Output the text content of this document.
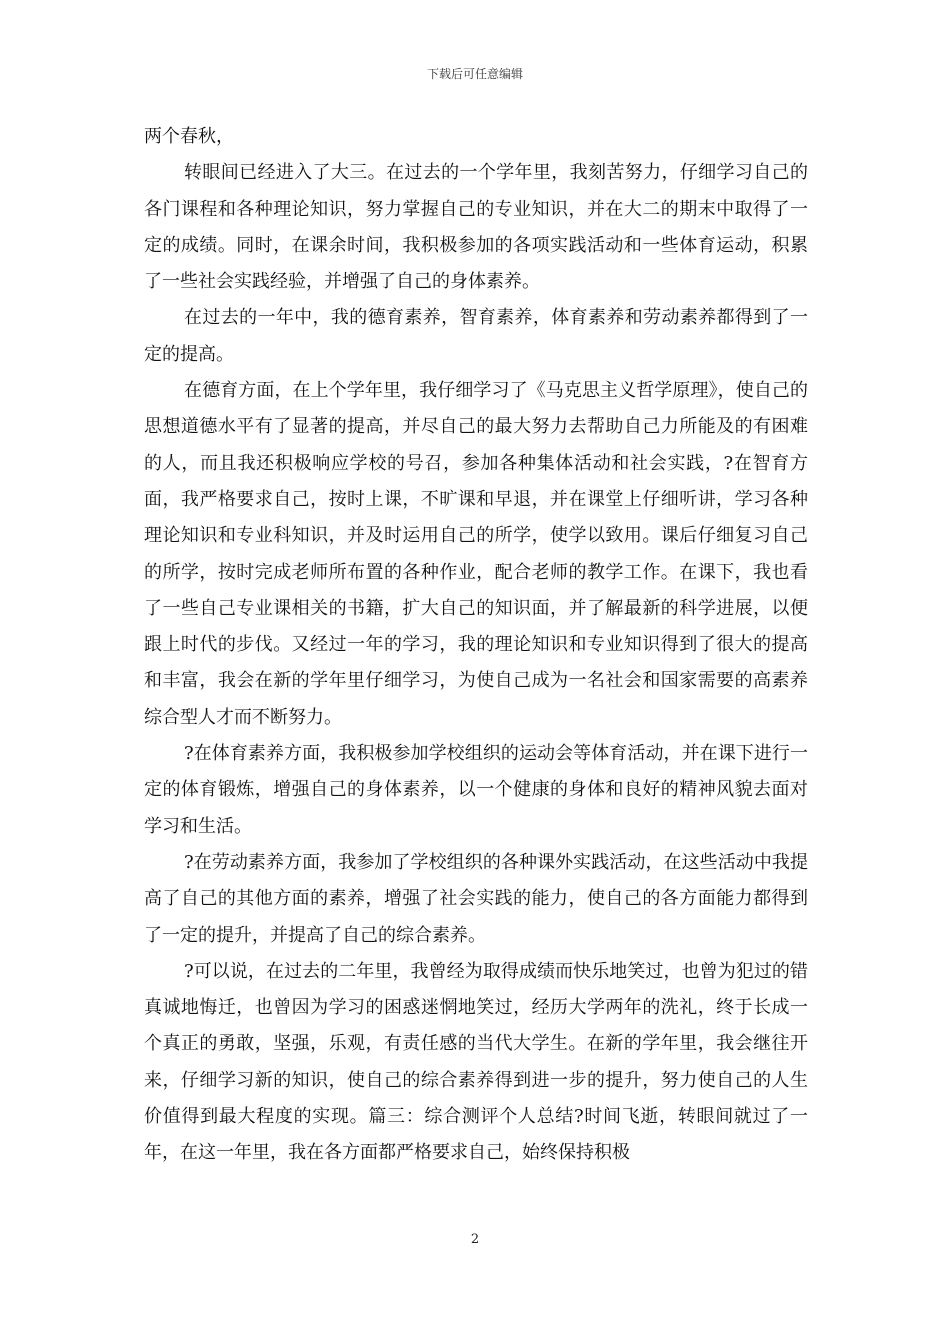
下载后可任意编辑

两个春秋，

转眼间已经进入了大三。在过去的一个学年里，我刻苦努力，仔细学习自己的各门课程和各种理论知识，努力掌握自己的专业知识，并在大二的期末中取得了一定的成绩。同时，在课余时间，我积极参加的各项实践活动和一些体育运动，积累了一些社会实践经验，并增强了自己的身体素养。

在过去的一年中，我的德育素养，智育素养，体育素养和劳动素养都得到了一定的提高。

在德育方面，在上个学年里，我仔细学习了《马克思主义哲学原理》，使自己的思想道德水平有了显著的提高，并尽自己的最大努力去帮助自己力所能及的有困难的人，而且我还积极响应学校的号召，参加各种集体活动和社会实践，?在智育方面，我严格要求自己，按时上课，不旷课和早退，并在课堂上仔细听讲，学习各种理论知识和专业科知识，并及时运用自己的所学，使学以致用。课后仔细复习自己的所学，按时完成老师所布置的各种作业，配合老师的教学工作。在课下，我也看了一些自己专业课相关的书籍，扩大自己的知识面，并了解最新的科学进展，以便跟上时代的步伐。又经过一年的学习，我的理论知识和专业知识得到了很大的提高和丰富，我会在新的学年里仔细学习，为使自己成为一名社会和国家需要的高素养综合型人才而不断努力。

?在体育素养方面，我积极参加学校组织的运动会等体育活动，并在课下进行一定的体育锻炼，增强自己的身体素养，以一个健康的身体和良好的精神风貌去面对学习和生活。

?在劳动素养方面，我参加了学校组织的各种课外实践活动，在这些活动中我提高了自己的其他方面的素养，增强了社会实践的能力，使自己的各方面能力都得到了一定的提升，并提高了自己的综合素养。

?可以说，在过去的二年里，我曾经为取得成绩而快乐地笑过，也曾为犯过的错真诚地悔迁，也曾因为学习的困惑迷惘地笑过，经历大学两年的洗礼，终于长成一个真正的勇敢，坚强，乐观，有责任感的当代大学生。在新的学年里，我会继往开来，仔细学习新的知识，使自己的综合素养得到进一步的提升，努力使自己的人生价值得到最大程度的实现。篇三：综合测评个人总结?时间飞逝，转眼间就过了一年，在这一年里，我在各方面都严格要求自己，始终保持积极

2
